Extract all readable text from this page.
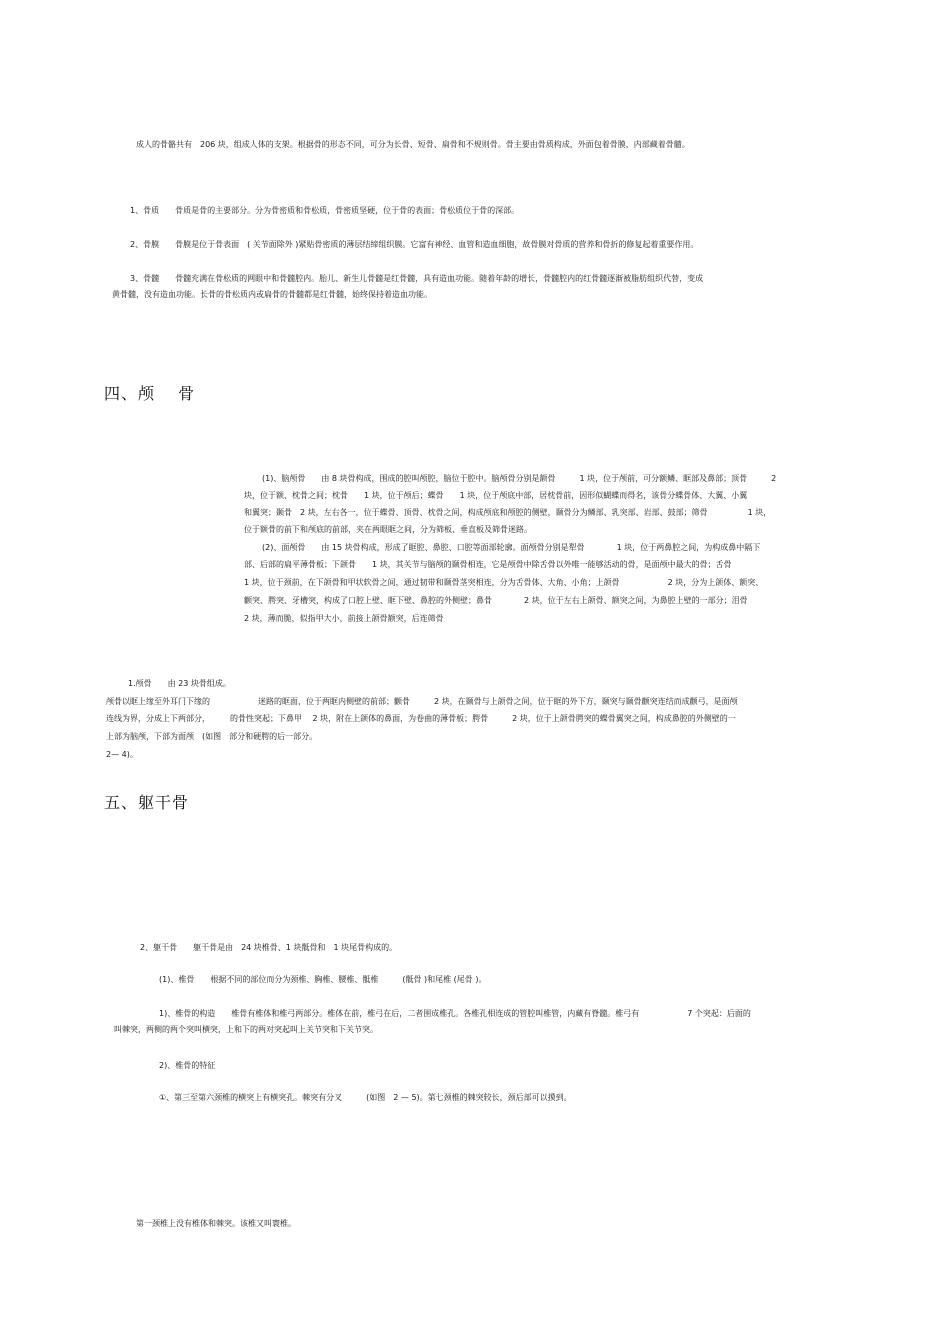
成人的骨骼共有　206 块，组成人体的支架。根据骨的形态不同，可分为长骨、短骨、扁骨和不规则骨。骨主要由骨质构成，外面包着骨膜，内部藏着骨髓。
1、骨质　　骨质是骨的主要部分。分为骨密质和骨松质，骨密质坚硬，位于骨的表面；骨松质位于骨的深部。
2、骨膜　　骨膜是位于骨表面　( 关节面除外 )紧贴骨密质的薄层结缔组织膜。它富有神经、血管和造血细胞，故骨膜对骨质的营养和骨折的修复起着重要作用。
3、骨髓　　骨髓充满在骨松质的网眼中和骨髓腔内。胎儿、新生儿骨髓是红骨髓，具有造血功能。随着年龄的增长，骨髓腔内的红骨髓逐渐被脂肪组织代替，变成
黄骨髓，没有造血功能。长骨的骨松质内或扁骨的骨髓都是红骨髓，始终保持着造血功能。
四、颅　 骨
(1)、脑颅骨　　由 8 块骨构成，围成的腔叫颅腔，脑位于腔中。脑颅骨分别是额骨　　　1 块，位于颅前，可分额鳞、眶部及鼻部；顶骨　　　2
块，位于额、枕骨之间；枕骨　　1 块，位于颅后；蝶骨　　1 块，位于颅底中部，居枕骨前，因形似蝴蝶而得名，该骨分蝶骨体、大翼、小翼
和翼突；颞骨　2 块，左右各一，位于蝶骨、顶骨、枕骨之间，构成颅底和颅腔的侧壁，颞骨分为鳞部、乳突部、岩部、鼓部；筛骨　　　　　1 块，
位于额骨的前下和颅底的前部，夹在两眼眶之间，分为筛板、垂直板及筛骨迷路。
(2)、面颅骨　　由 15 块骨构成，形成了眶腔、鼻腔、口腔等面部轮廓。面颅骨分别是犁骨　　　　1 块，位于两鼻腔之间，为构成鼻中隔下
部、后部的扁平薄骨板；下颌骨　　1 块，其关节与脑颅的颞骨相连，它是颅骨中除舌骨以外唯一能够活动的骨，是面颅中最大的骨；舌骨
1 块，位于颈前，在下颌骨和甲状软骨之间，通过韧带和颞骨茎突相连，分为舌骨体、大角、小角；上颌骨　　　　　　2 块，分为上颌体、额突、
颧突、腭突、牙槽突，构成了口腔上壁、眶下壁、鼻腔的外侧壁；鼻骨　　　　2 块，位于左右上颌骨、额突之间，为鼻腔上壁的一部分；泪骨
2 块，薄而脆，似指甲大小，前接上颌骨额突，后连筛骨
1.颅骨　　由 23 块骨组成。
颅骨以眶上缘至外耳门下缘的　　　　　　迷路的眶面，位于两眶内侧壁的前部；颧骨　　　2 块，在颞骨与上颌骨之间，位于眶的外下方，颞突与颞骨颧突连结而成颧弓，是面颅
连线为界，分成上下两部分，　　　的骨性突起；下鼻甲　 2 块，附在上颌体的鼻面，为卷曲的薄骨板；腭骨　　　2 块，位于上颌骨腭突的蝶骨翼突之间，构成鼻腔的外侧壁的一
上部为脑颅，下部为面颅　(如图　部分和硬腭的后一部分。
2— 4)。
五、躯干骨
2、躯干骨　　躯干骨是由　24 块椎骨、1 块骶骨和　1 块尾骨构成的。
(1)、椎骨　　根据不同的部位而分为颈椎、胸椎、腰椎、骶椎　　　(骶骨 )和尾椎 (尾骨 )。
1)、椎骨的构造　　椎骨有椎体和椎弓两部分。椎体在前，椎弓在后，二者围成椎孔。各椎孔相连成的管腔叫椎管，内藏有脊髓。椎弓有　　　　　　7 个突起：后面的
叫棘突，两侧的两个突叫横突，上和下的两对突起叫上关节突和下关节突。
2)、椎骨的特征
①、第三至第六颈椎的横突上有横突孔。棘突有分叉　　　(如图　2 — 5)。第七颈椎的棘突较长，颈后部可以摸到。
第一颈椎上没有椎体和棘突。该椎又叫寰椎。
